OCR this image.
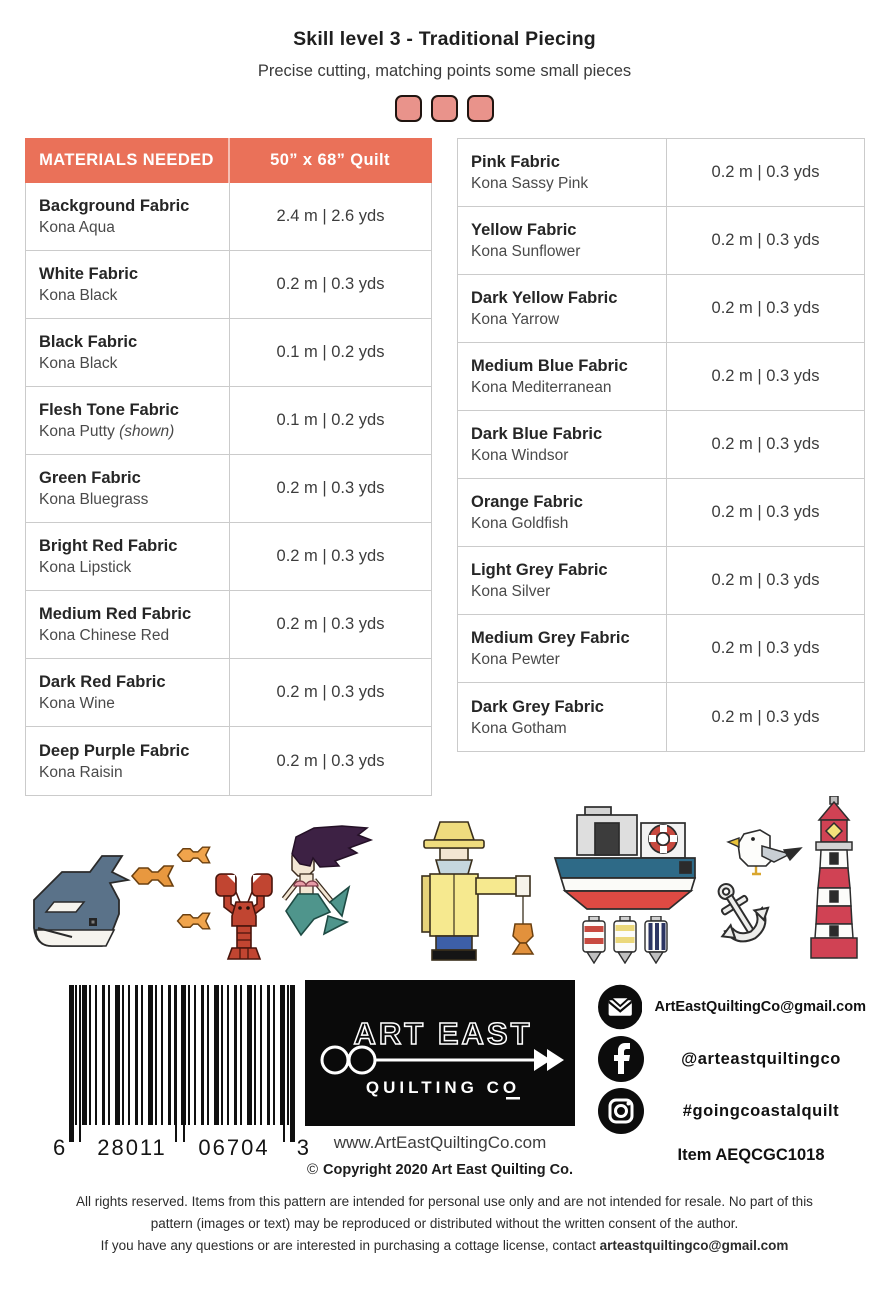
Skill level 3 - Traditional Piecing
Precise cutting, matching points some small pieces
MATERIALS NEEDED	50” x 68” Quilt
Background Fabric
Kona Aqua
2.4 m | 2.6 yds
White Fabric
Kona Black
0.2 m | 0.3 yds
Black Fabric
Kona Black
0.1 m | 0.2 yds
Flesh Tone Fabric
Kona Putty (shown)
0.1 m | 0.2 yds
Green Fabric
Kona Bluegrass
0.2 m | 0.3 yds
Bright Red Fabric
Kona Lipstick
0.2 m | 0.3 yds
Medium Red Fabric
Kona Chinese Red
0.2 m | 0.3 yds
Dark Red Fabric
Kona Wine
0.2 m | 0.3 yds
Deep Purple Fabric
Kona Raisin
0.2 m | 0.3 yds
Pink Fabric
Kona Sassy Pink
0.2 m | 0.3 yds
Yellow Fabric
Kona Sunflower
0.2 m | 0.3 yds
Dark Yellow Fabric
Kona Yarrow
0.2 m | 0.3 yds
Medium Blue Fabric
Kona Mediterranean
0.2 m | 0.3 yds
Dark Blue Fabric
Kona Windsor
0.2 m | 0.3 yds
Orange Fabric
Kona Goldfish
0.2 m | 0.3 yds
Light Grey Fabric
Kona Silver
0.2 m | 0.3 yds
Medium Grey Fabric
Kona Pewter
0.2 m | 0.3 yds
Dark Grey Fabric
Kona Gotham
0.2 m | 0.3 yds
6 28011	06704	3
ART EAST
QUILTING CO
www.ArtEastQuiltingCo.com
© Copyright 2020 Art East Quilting Co.
ArtEastQuiltingCo@gmail.com
@arteastquiltingco
#goingcoastalquilt
Item AEQCGC1018
All rights reserved. Items from this pattern are intended for personal use only and are not intended for resale. No part of this
pattern (images or text) may be reproduced or distributed without the written consent of the author.
If you have any questions or are interested in purchasing a cottage license, contact arteastquiltingco@gmail.com
